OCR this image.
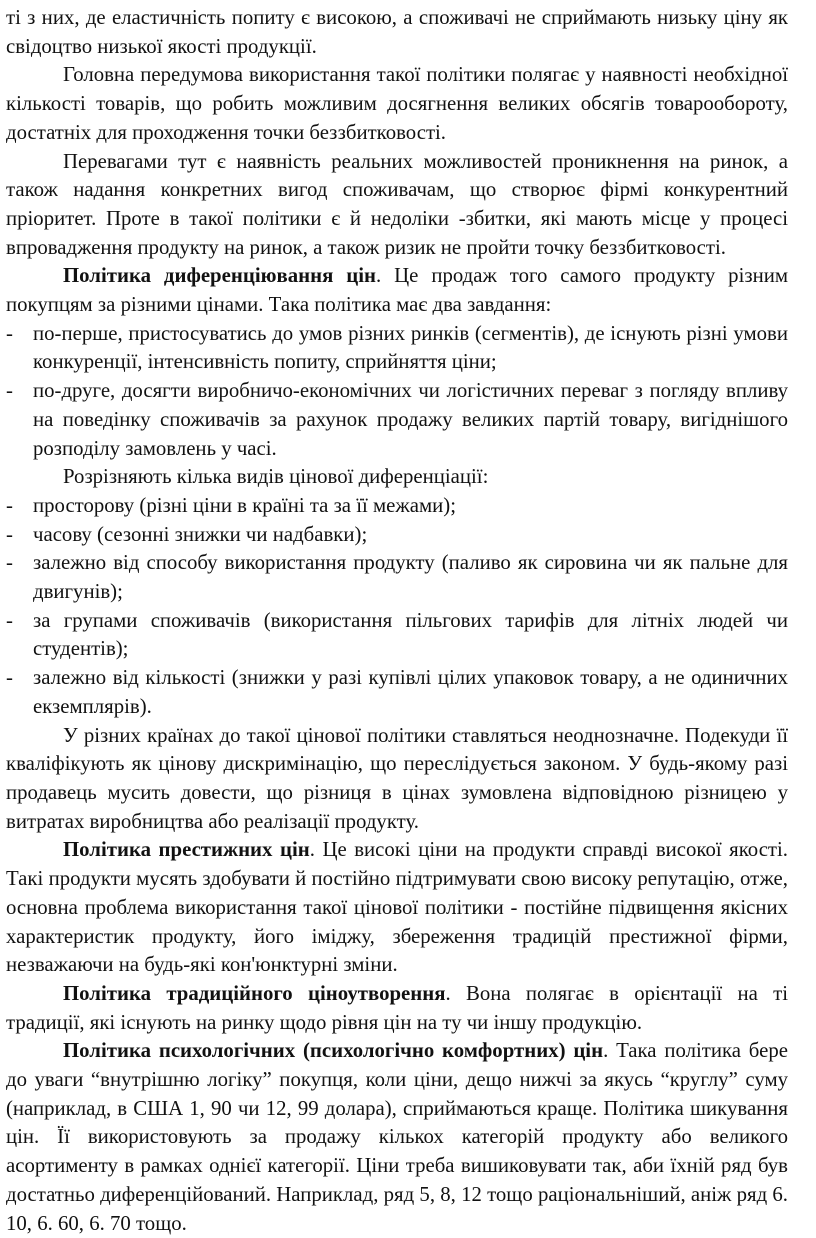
ті з них, де еластичність попиту є високою, а споживачі не сприймають низьку ціну як свідоцтво низької якості продукції.

Головна передумова використання такої політики полягає у наявності необхідної кількості товарів, що робить можливим досягнення великих обсягів товарообороту, достатніх для проходження точки беззбитковості.

Перевагами тут є наявність реальних можливостей проникнення на ринок, а також надання конкретних вигод споживачам, що створює фірмі конкурентний пріоритет. Проте в такої політики є й недоліки -збитки, які мають місце у процесі впровадження продукту на ринок, а також ризик не пройти точку беззбитковості.

Політика диференціювання цін. Це продаж того самого продукту різним покупцям за різними цінами. Така політика має два завдання:

- по-перше, пристосуватись до умов різних ринків (сегментів), де існують різні умови конкуренції, інтенсивність попиту, сприйняття ціни;

- по-друге, досягти виробничо-економічних чи логістичних переваг з погляду впливу на поведінку споживачів за рахунок продажу великих партій товару, вигіднішого розподілу замовлень у часі.

Розрізняють кілька видів цінової диференціації:

- просторову (різні ціни в країні та за її межами);

- часову (сезонні знижки чи надбавки);

- залежно від способу використання продукту (паливо як сировина чи як пальне для двигунів);

- за групами споживачів (використання пільгових тарифів для літніх людей чи студентів);

- залежно від кількості (знижки у разі купівлі цілих упаковок товару, а не одиничних екземплярів).

У різних країнах до такої цінової політики ставляться неоднозначне. Подекуди її кваліфікують як цінову дискримінацію, що переслідується законом. У будь-якому разі продавець мусить довести, що різниця в цінах зумовлена відповідною різницею у витратах виробництва або реалізації продукту.

Політика престижних цін. Це високі ціни на продукти справді високої якості. Такі продукти мусять здобувати й постійно підтримувати свою високу репутацію, отже, основна проблема використання такої цінової політики - постійне підвищення якісних характеристик продукту, його іміджу, збереження традицій престижної фірми, незважаючи на будь-які кон'юнктурні зміни.

Політика традиційного ціноутворення. Вона полягає в орієнтації на ті традиції, які існують на ринку щодо рівня цін на ту чи іншу продукцію.

Політика психологічних (психологічно комфортних) цін. Така політика бере до уваги “внутрішню логіку” покупця, коли ціни, дещо нижчі за якусь “круглу” суму (наприклад, в США 1, 90 чи 12, 99 долара), сприймаються краще. Політика шикування цін. Її використовують за продажу кількох категорій продукту або великого асортименту в рамках однієї категорії. Ціни треба вишиковувати так, аби їхній ряд був достатньо диференційований. Наприклад, ряд 5, 8, 12 тощо раціональніший, аніж ряд 6. 10, 6. 60, 6. 70 тощо.
